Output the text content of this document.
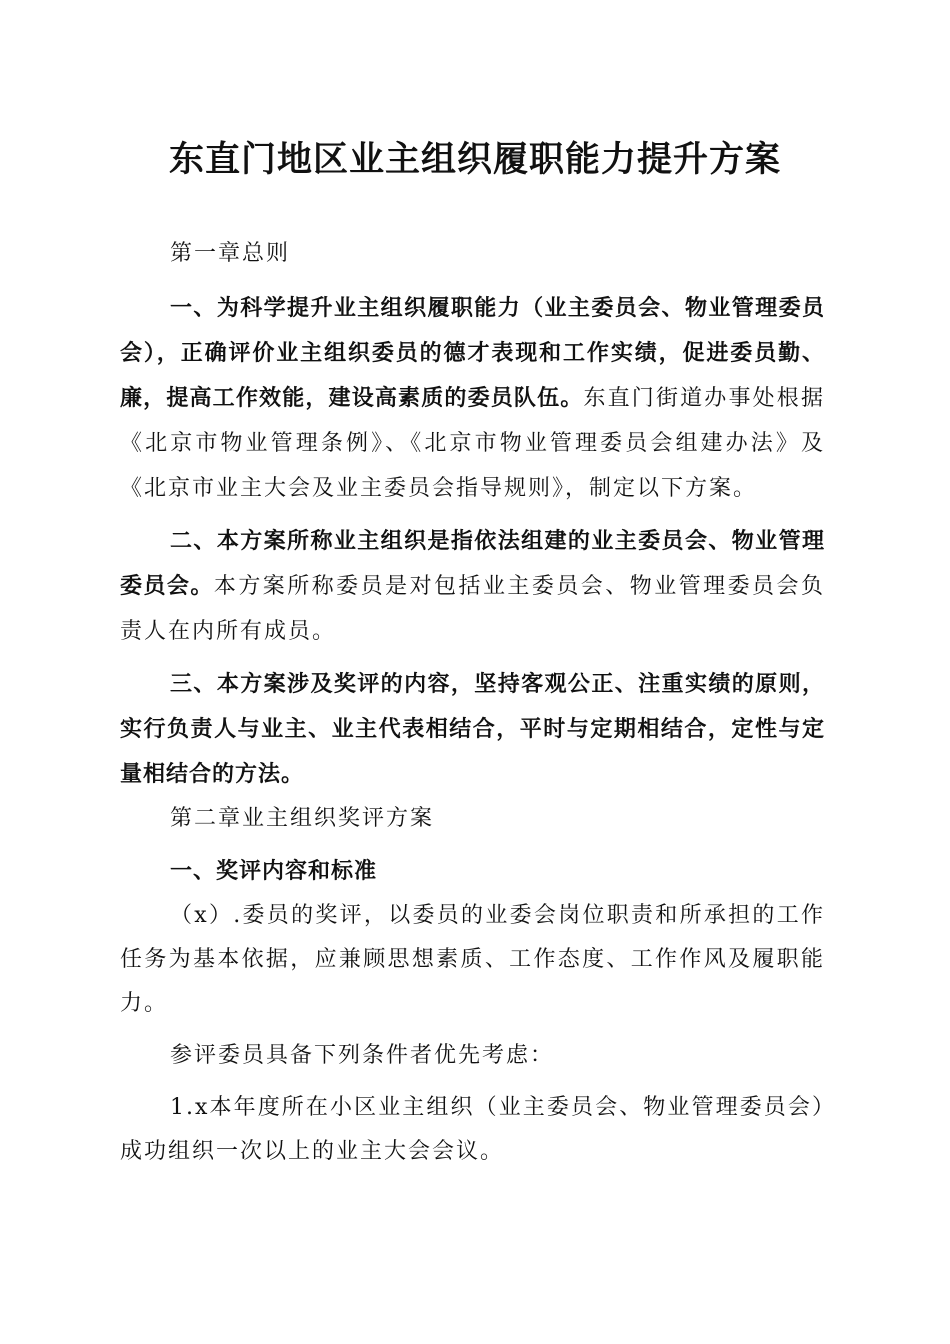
东直门地区业主组织履职能力提升方案

第一章总则

一、为科学提升业主组织履职能力（业主委员会、物业管理委员会），正确评价业主组织委员的德才表现和工作实绩，促进委员勤、廉，提高工作效能，建设高素质的委员队伍。东直门街道办事处根据《北京市物业管理条例》、《北京市物业管理委员会组建办法》及《北京市业主大会及业主委员会指导规则》，制定以下方案。

二、本方案所称业主组织是指依法组建的业主委员会、物业管理委员会。本方案所称委员是对包括业主委员会、物业管理委员会负责人在内所有成员。

三、本方案涉及奖评的内容，坚持客观公正、注重实绩的原则，实行负责人与业主、业主代表相结合，平时与定期相结合，定性与定量相结合的方法。

第二章业主组织奖评方案

一、奖评内容和标准

（x）.委员的奖评，以委员的业委会岗位职责和所承担的工作任务为基本依据，应兼顾思想素质、工作态度、工作作风及履职能力。

参评委员具备下列条件者优先考虑：

1.x本年度所在小区业主组织（业主委员会、物业管理委员会）成功组织一次以上的业主大会会议。
